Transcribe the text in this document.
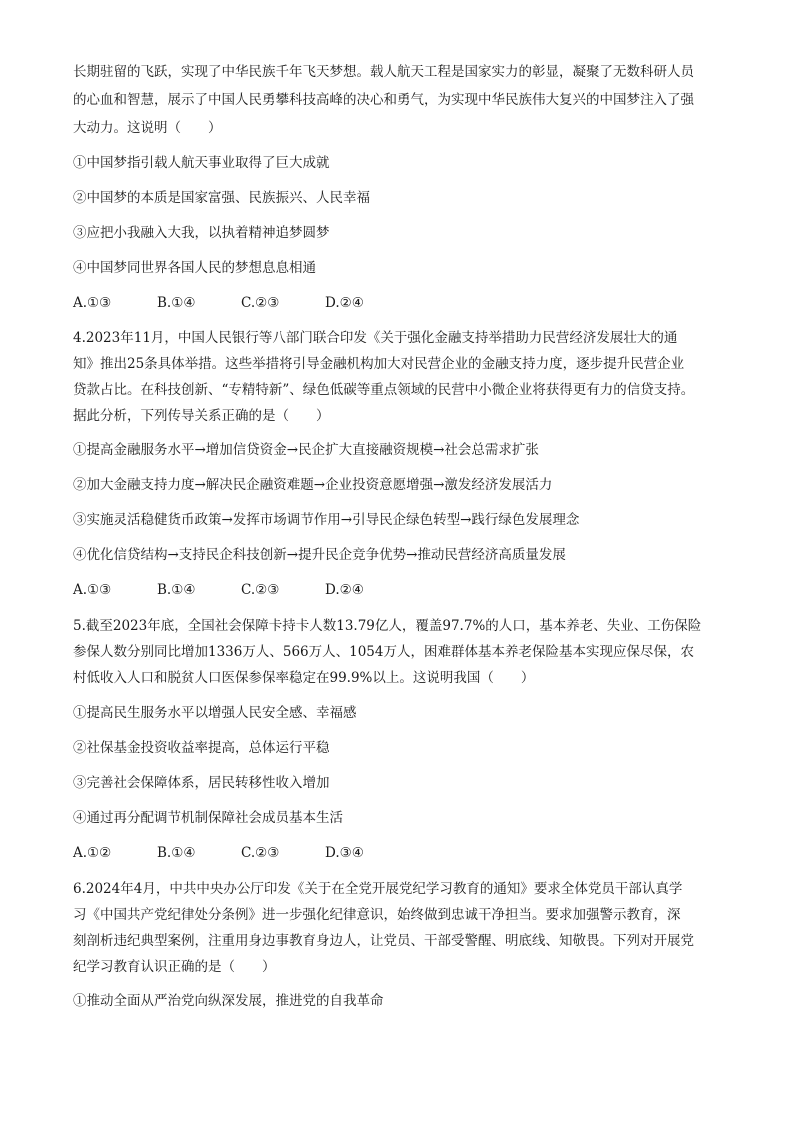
长期驻留的飞跃，实现了中华民族千年飞天梦想。载人航天工程是国家实力的彰显，凝聚了无数科研人员
的心血和智慧，展示了中国人民勇攀科技高峰的决心和勇气，为实现中华民族伟大复兴的中国梦注入了强
大动力。这说明（　　）
①中国梦指引载人航天事业取得了巨大成就
②中国梦的本质是国家富强、民族振兴、人民幸福
③应把小我融入大我，以执着精神追梦圆梦
④中国梦同世界各国人民的梦想息息相通
A.①③	B.①④	C.②③	D.②④
4.2023年11月，中国人民银行等八部门联合印发《关于强化金融支持举措助力民营经济发展壮大的通
知》推出25条具体举措。这些举措将引导金融机构加大对民营企业的金融支持力度，逐步提升民营企业
贷款占比。在科技创新、“专精特新”、绿色低碳等重点领域的民营中小微企业将获得更有力的信贷支持。
据此分析，下列传导关系正确的是（　　）
①提高金融服务水平→增加信贷资金→民企扩大直接融资规模→社会总需求扩张
②加大金融支持力度→解决民企融资难题→企业投资意愿增强→激发经济发展活力
③实施灵活稳健货币政策→发挥市场调节作用→引导民企绿色转型→践行绿色发展理念
④优化信贷结构→支持民企科技创新→提升民企竞争优势→推动民营经济高质量发展
A.①③	B.①④	C.②③	D.②④
5.截至2023年底，全国社会保障卡持卡人数13.79亿人，覆盖97.7%的人口，基本养老、失业、工伤保险
参保人数分别同比增加1336万人、566万人、1054万人，困难群体基本养老保险基本实现应保尽保，农
村低收入人口和脱贫人口医保参保率稳定在99.9%以上。这说明我国（　　）
①提高民生服务水平以增强人民安全感、幸福感
②社保基金投资收益率提高，总体运行平稳
③完善社会保障体系，居民转移性收入增加
④通过再分配调节机制保障社会成员基本生活
A.①②	B.①④	C.②③	D.③④
6.2024年4月，中共中央办公厅印发《关于在全党开展党纪学习教育的通知》要求全体党员干部认真学
习《中国共产党纪律处分条例》进一步强化纪律意识，始终做到忠诚干净担当。要求加强警示教育，深
刻剖析违纪典型案例，注重用身边事教育身边人，让党员、干部受警醒、明底线、知敬畏。下列对开展党
纪学习教育认识正确的是（　　）
①推动全面从严治党向纵深发展，推进党的自我革命
